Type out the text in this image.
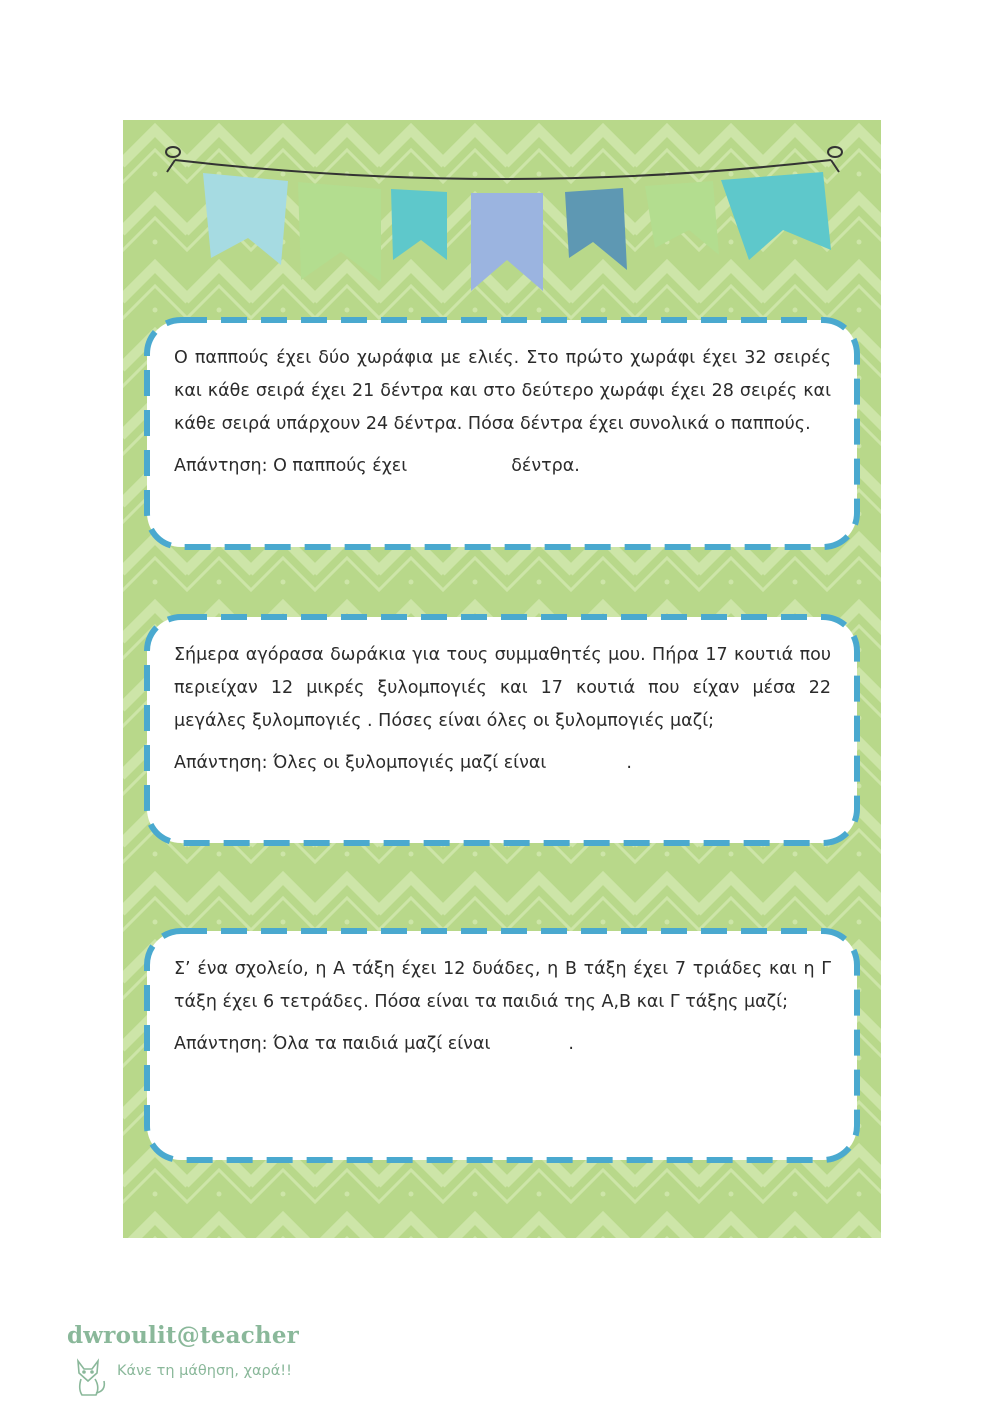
Ο παππούς έχει δύο χωράφια με ελιές. Στο πρώτο χωράφι έχει 32 σειρές και κάθε σειρά έχει 21 δέντρα και στο δεύτερο χωράφι έχει 28 σειρές και κάθε σειρά υπάρχουν 24 δέντρα. Πόσα δέντρα έχει συνολικά ο παππούς.

Απάντηση: Ο παππούς έχει	δέντρα.

Σήμερα αγόρασα δωράκια για τους συμμαθητές μου. Πήρα 17 κουτιά που περιείχαν 12 μικρές ξυλομπογιές και 17 κουτιά που είχαν μέσα 22 μεγάλες ξυλομπογιές . Πόσες είναι όλες οι ξυλομπογιές μαζί;

Απάντηση: Όλες οι ξυλομπογιές μαζί είναι	.

Σ’ ένα σχολείο, η Α τάξη έχει 12 δυάδες, η Β τάξη έχει 7 τριάδες και η Γ τάξη έχει 6 τετράδες. Πόσα είναι τα παιδιά της Α,Β και Γ τάξης μαζί;

Απάντηση: Όλα τα παιδιά μαζί είναι	.

dwroulit@teacher
Κάνε τη μάθηση, χαρά!!
